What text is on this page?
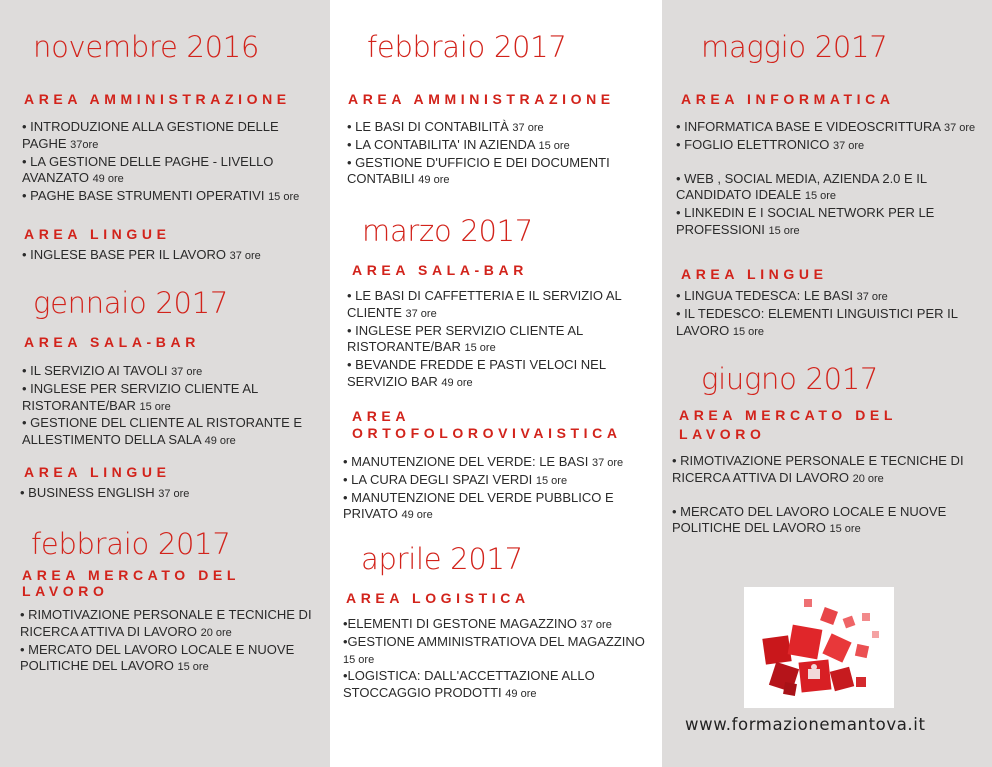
novembre 2016
AREA AMMINISTRAZIONE
• INTRODUZIONE ALLA GESTIONE DELLE PAGHE 37ore
• LA GESTIONE DELLE PAGHE - LIVELLO AVANZATO 49 ore
• PAGHE BASE STRUMENTI OPERATIVI 15 ore
AREA LINGUE
• INGLESE BASE PER IL LAVORO 37 ore
gennaio 2017
AREA SALA-BAR
• IL SERVIZIO AI TAVOLI 37 ore
• INGLESE PER SERVIZIO CLIENTE AL RISTORANTE/BAR 15 ore
• GESTIONE DEL CLIENTE AL RISTORANTE E ALLESTIMENTO DELLA SALA 49 ore
AREA LINGUE
• BUSINESS ENGLISH 37 ore
febbraio 2017
AREA MERCATO DEL
LAVORO
• RIMOTIVAZIONE PERSONALE E TECNICHE DI RICERCA ATTIVA DI LAVORO 20 ore
• MERCATO DEL LAVORO LOCALE E NUOVE POLITICHE DEL LAVORO 15 ore
febbraio 2017
AREA AMMINISTRAZIONE
• LE BASI DI CONTABILITÀ 37 ore
• LA CONTABILITA' IN AZIENDA 15 ore
• GESTIONE D'UFFICIO E DEI DOCUMENTI CONTABILI 49 ore
marzo 2017
AREA SALA-BAR
• LE BASI DI CAFFETTERIA E IL SERVIZIO AL CLIENTE 37 ore
• INGLESE PER SERVIZIO CLIENTE AL RISTORANTE/BAR 15 ore
• BEVANDE FREDDE E PASTI VELOCI NEL SERVIZIO BAR 49 ore
AREA
ORTOFOLOROVIVAISTICA
• MANUTENZIONE DEL VERDE: LE BASI 37 ore
• LA CURA DEGLI SPAZI VERDI 15 ore
• MANUTENZIONE DEL VERDE PUBBLICO E PRIVATO 49 ore
aprile 2017
AREA LOGISTICA
•ELEMENTI DI GESTONE MAGAZZINO 37 ore
•GESTIONE AMMINISTRATIOVA DEL MAGAZZINO 15 ore
•LOGISTICA: DALL'ACCETTAZIONE ALLO STOCCAGGIO PRODOTTI 49 ore
maggio 2017
AREA INFORMATICA
• INFORMATICA BASE E VIDEOSCRITTURA 37 ore
• FOGLIO ELETTRONICO 37 ore
• WEB , SOCIAL MEDIA, AZIENDA 2.0 E IL CANDIDATO IDEALE 15 ore
• LINKEDIN E I SOCIAL NETWORK PER LE PROFESSIONI 15 ore
AREA LINGUE
• LINGUA TEDESCA: LE BASI 37 ore
• IL TEDESCO: ELEMENTI LINGUISTICI PER IL LAVORO 15 ore
giugno 2017
AREA MERCATO DEL
LAVORO
• RIMOTIVAZIONE PERSONALE E TECNICHE DI RICERCA ATTIVA DI LAVORO 20 ore
• MERCATO DEL LAVORO LOCALE E NUOVE POLITICHE DEL LAVORO 15 ore
www.formazionemantova.it
